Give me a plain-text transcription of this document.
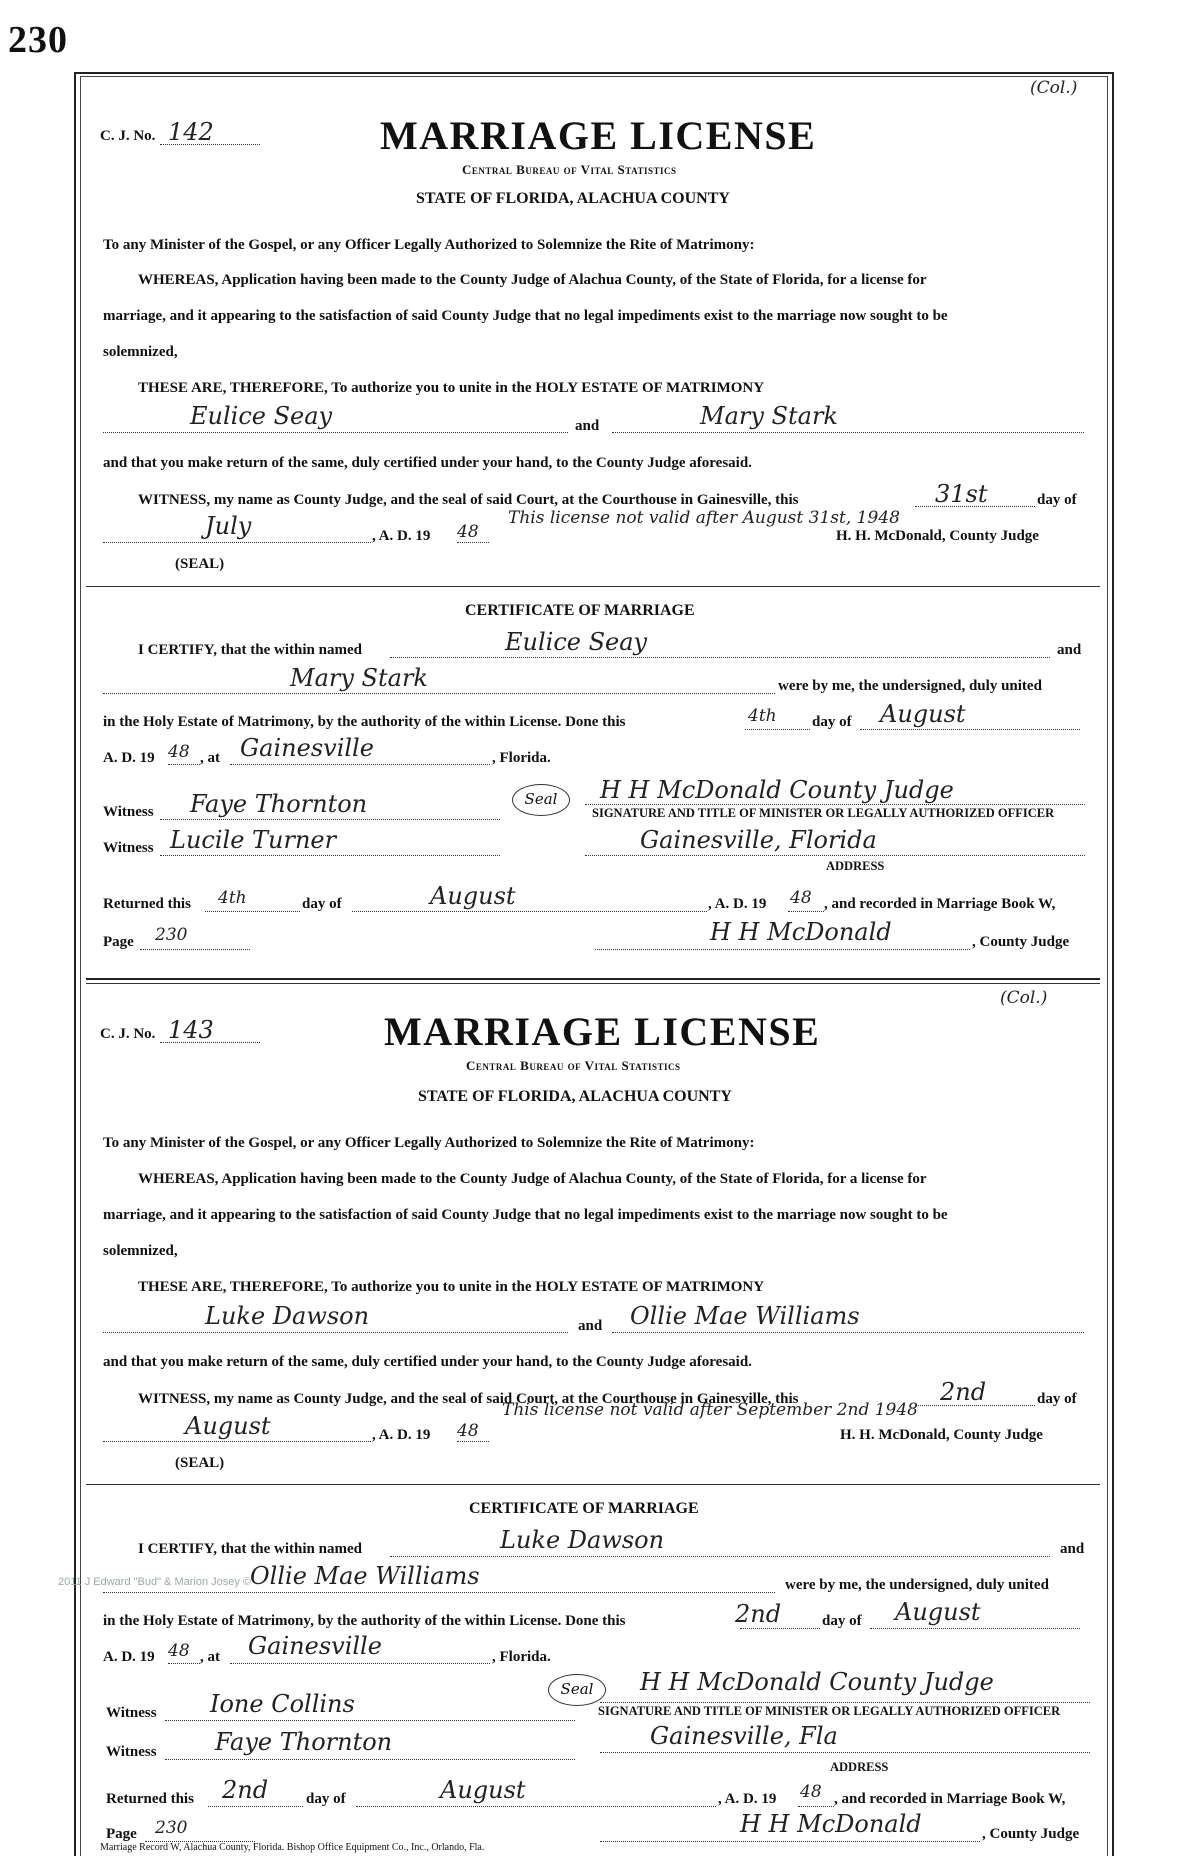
230
(Col.)
C. J. No. 142	MARRIAGE LICENSE
Central Bureau of Vital Statistics
STATE OF FLORIDA, ALACHUA COUNTY
To any Minister of the Gospel, or any Officer Legally Authorized to Solemnize the Rite of Matrimony:
WHEREAS, Application having been made to the County Judge of Alachua County, of the State of Florida, for a license for
marriage, and it appearing to the satisfaction of said County Judge that no legal impediments exist to the marriage now sought to be
solemnized,
THESE ARE, THEREFORE, To authorize you to unite in the HOLY ESTATE OF MATRIMONY
Eulice Seay	and	Mary Stark
and that you make return of the same, duly certified under your hand, to the County Judge aforesaid.
WITNESS, my name as County Judge, and the seal of said Court, at the Courthouse in Gainesville, this	31st	day of
July	, A. D. 19 48
This license not valid after August 31st, 1948
H. H. McDonald, County Judge
(SEAL)
CERTIFICATE OF MARRIAGE
I CERTIFY, that the within named	Eulice Seay	and
Mary Stark	were by me, the undersigned, duly united
in the Holy Estate of Matrimony, by the authority of the within License. Done this	4th day of August
A. D. 19 48 , at Gainesville	, Florida.
Witness Faye Thornton	Seal	H H McDonald County Judge
SIGNATURE AND TITLE OF MINISTER OR LEGALLY AUTHORIZED OFFICER
Witness Lucile Turner	Gainesville, Florida
ADDRESS
Returned this 4th	day of	August	, A. D. 19 48 , and recorded in Marriage Book W,
Page 230	H H McDonald	, County Judge
(Col.)
C. J. No. 143	MARRIAGE LICENSE
Central Bureau of Vital Statistics
STATE OF FLORIDA, ALACHUA COUNTY
To any Minister of the Gospel, or any Officer Legally Authorized to Solemnize the Rite of Matrimony:
WHEREAS, Application having been made to the County Judge of Alachua County, of the State of Florida, for a license for
marriage, and it appearing to the satisfaction of said County Judge that no legal impediments exist to the marriage now sought to be
solemnized,
THESE ARE, THEREFORE, To authorize you to unite in the HOLY ESTATE OF MATRIMONY
Luke Dawson	and Ollie Mae Williams
and that you make return of the same, duly certified under your hand, to the County Judge aforesaid.
WITNESS, my name as County Judge, and the seal of said Court, at the Courthouse in Gainesville, this	2nd	day of
August	, A. D. 19 48
This license not valid after September 2nd 1948
H. H. McDonald, County Judge
(SEAL)
CERTIFICATE OF MARRIAGE
I CERTIFY, that the within named	Luke Dawson	and
Ollie Mae Williams	were by me, the undersigned, duly united
in the Holy Estate of Matrimony, by the authority of the within License. Done this	2nd	day of August
A. D. 19 48 , at Gainesville	, Florida.
Witness Ione Collins
Seal	H H McDonald County Judge
SIGNATURE AND TITLE OF MINISTER OR LEGALLY AUTHORIZED OFFICER
Witness Faye Thornton	Gainesville, Fla
ADDRESS
Returned this 2nd	day of	August	, A. D. 19 48 , and recorded in Marriage Book W,
Page 230	H H McDonald	, County Judge
Marriage Record W, Alachua County, Florida. Bishop Office Equipment Co., Inc., Orlando, Fla.
2011 J Edward "Bud" & Marion Josey ©
